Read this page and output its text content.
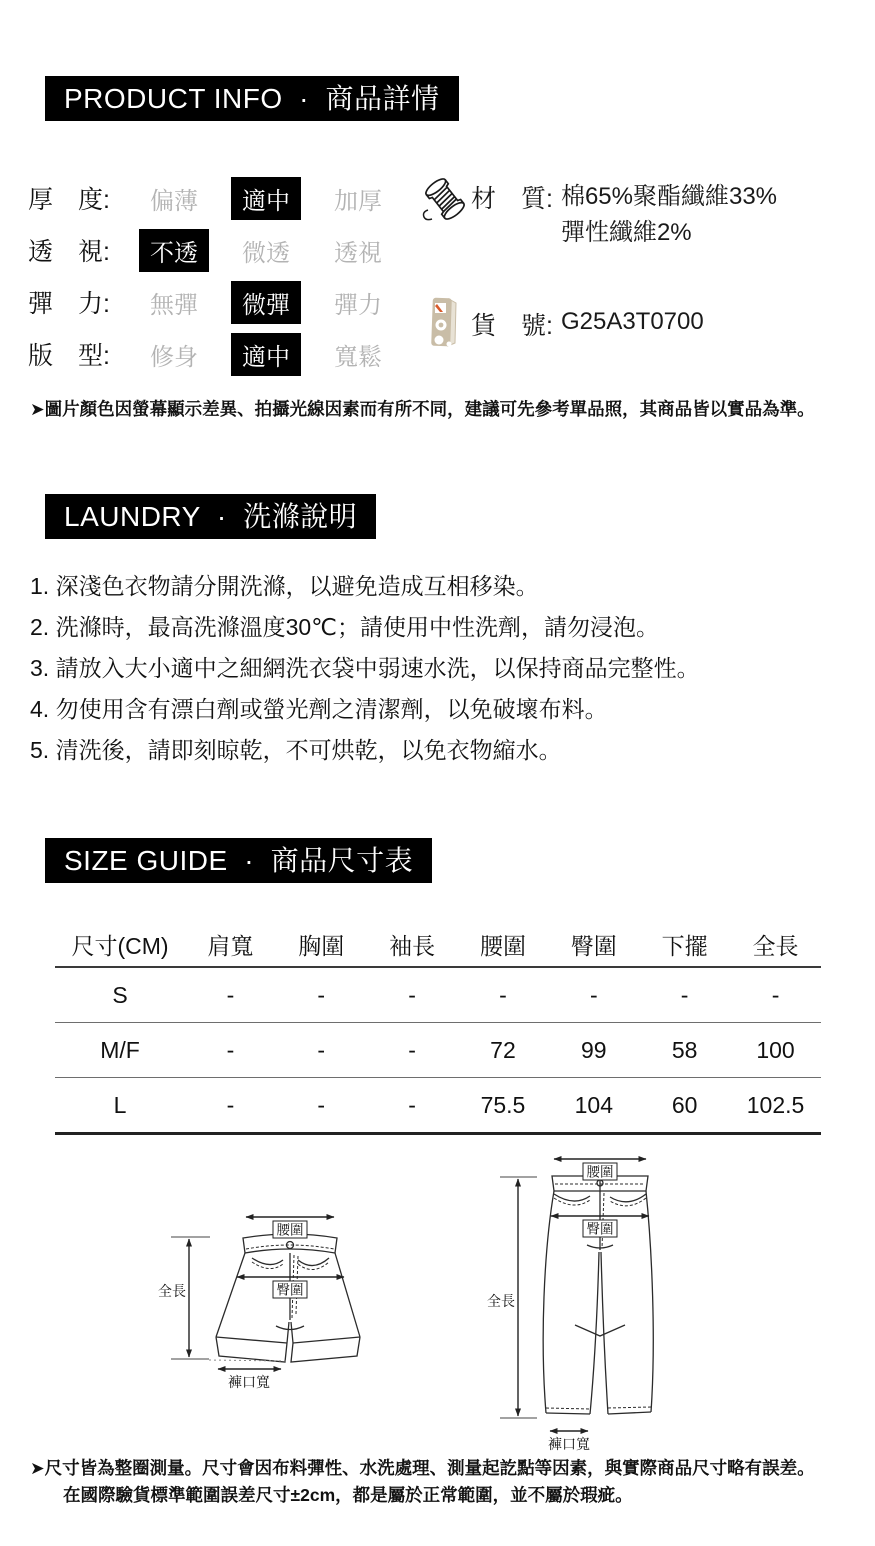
PRODUCT INFO  ·  商品詳情
厚　度:	偏薄	適中	加厚
透　視:	不透	微透	透視
彈　力:	無彈	微彈	彈力
版　型:	修身	適中	寬鬆
材　質: 棉65%聚酯纖維33%
彈性纖維2%
貨　號: G25A3T0700
➤圖片顏色因螢幕顯示差異、拍攝光線因素而有所不同，建議可先參考單品照，其商品皆以實品為準。
LAUNDRY  ·  洗滌說明
1. 深淺色衣物請分開洗滌，以避免造成互相移染。
2. 洗滌時，最高洗滌溫度30℃；請使用中性洗劑，請勿浸泡。
3. 請放入大小適中之細網洗衣袋中弱速水洗，以保持商品完整性。
4. 勿使用含有漂白劑或螢光劑之清潔劑，以免破壞布料。
5. 清洗後，請即刻晾乾，不可烘乾，以免衣物縮水。
SIZE GUIDE  ·  商品尺寸表
尺寸(CM)	肩寬	胸圍	袖長	腰圍	臀圍	下擺	全長
S	-	-	-	-	-	-	-
M/F	-	-	-	72	99	58	100
L	-	-	-	75.5	104	60	102.5
腰圍
臀圍
全長
褲口寬
腰圍
臀圍
全長
褲口寬
➤尺寸皆為整圈測量。尺寸會因布料彈性、水洗處理、測量起訖點等因素，與實際商品尺寸略有誤差。
在國際驗貨標準範圍誤差尺寸±2cm，都是屬於正常範圍，並不屬於瑕疵。
